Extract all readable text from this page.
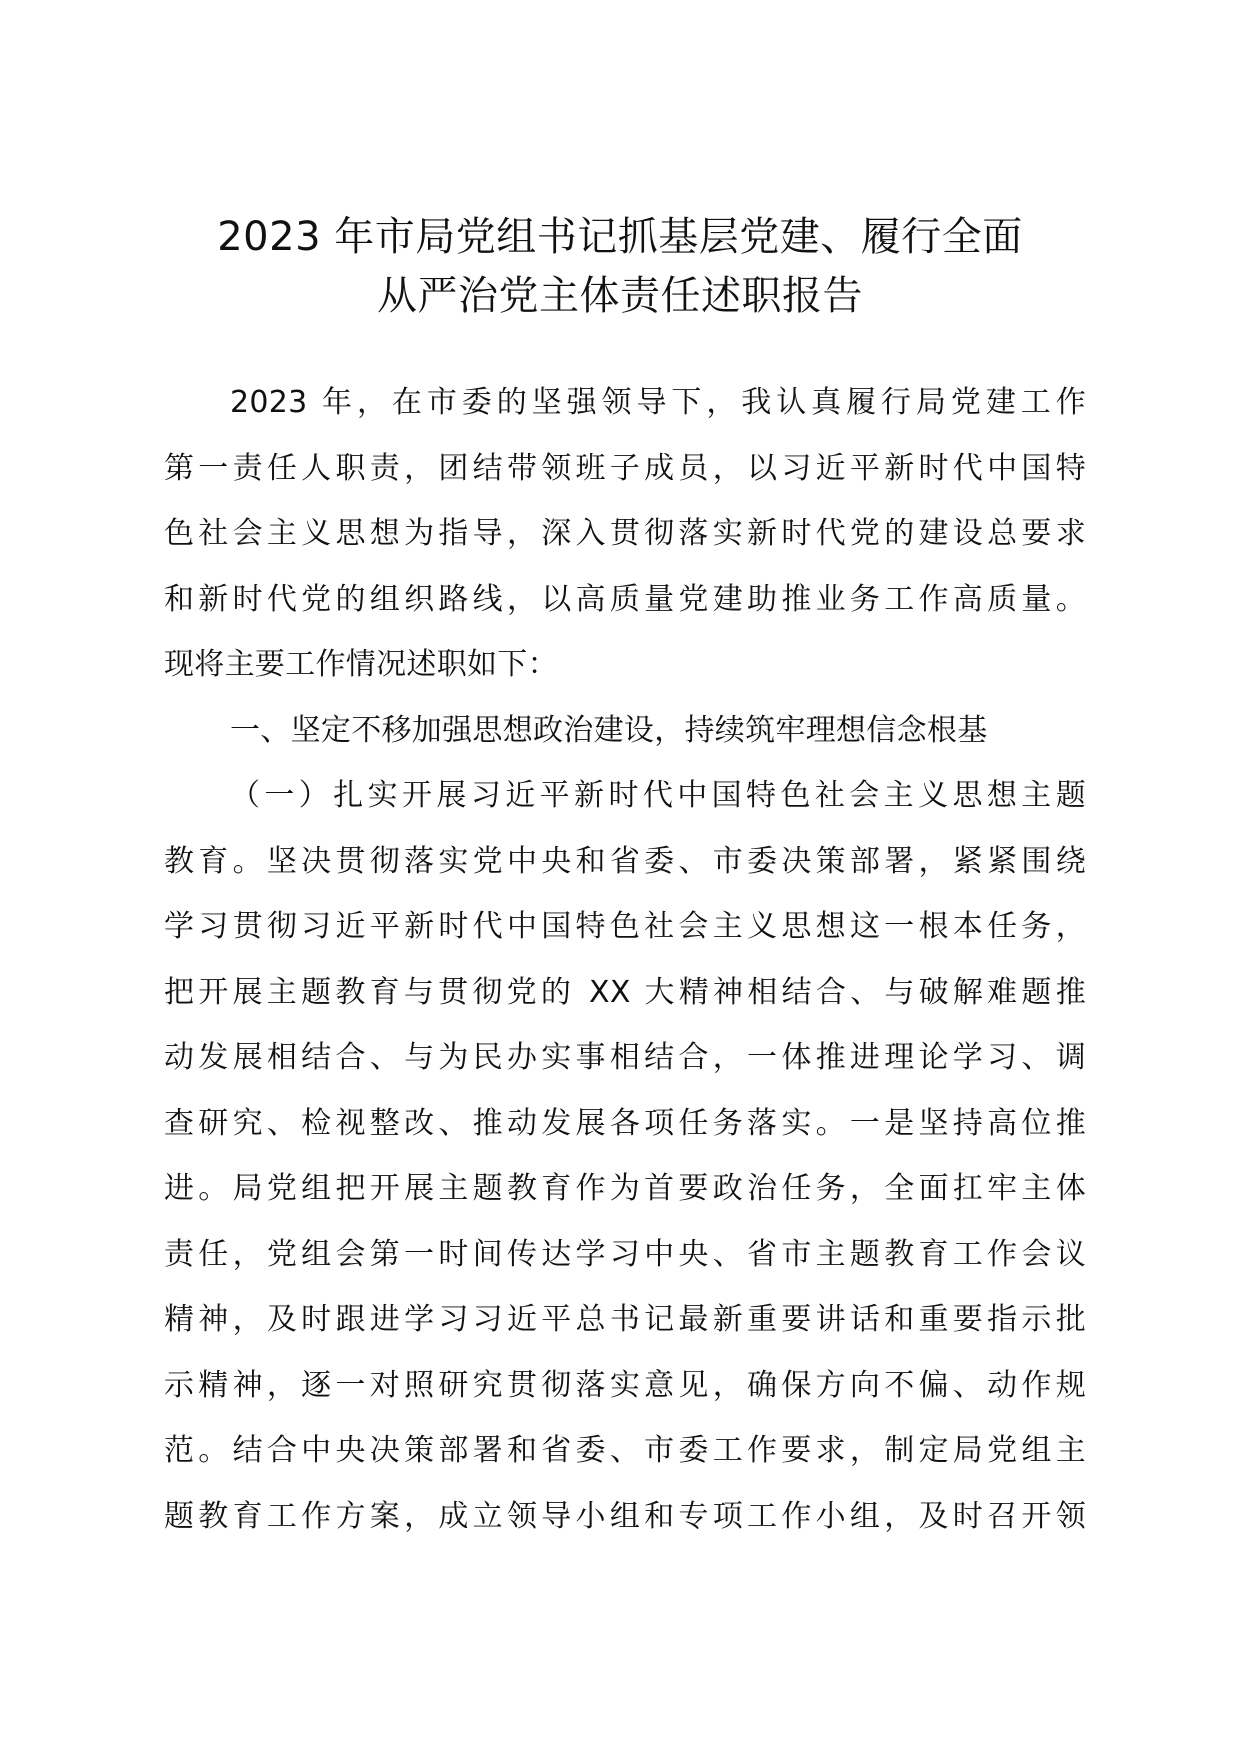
2023 年市局党组书记抓基层党建、履行全面
从严治党主体责任述职报告
2023 年，在市委的坚强领导下，我认真履行局党建工作
第一责任人职责，团结带领班子成员，以习近平新时代中国特
色社会主义思想为指导，深入贯彻落实新时代党的建设总要求
和新时代党的组织路线，以高质量党建助推业务工作高质量。
现将主要工作情况述职如下：
一、坚定不移加强思想政治建设，持续筑牢理想信念根基
（一）扎实开展习近平新时代中国特色社会主义思想主题
教育。坚决贯彻落实党中央和省委、市委决策部署，紧紧围绕
学习贯彻习近平新时代中国特色社会主义思想这一根本任务，
把开展主题教育与贯彻党的 XX 大精神相结合、与破解难题推
动发展相结合、与为民办实事相结合，一体推进理论学习、调
查研究、检视整改、推动发展各项任务落实。一是坚持高位推
进。局党组把开展主题教育作为首要政治任务，全面扛牢主体
责任，党组会第一时间传达学习中央、省市主题教育工作会议
精神，及时跟进学习习近平总书记最新重要讲话和重要指示批
示精神，逐一对照研究贯彻落实意见，确保方向不偏、动作规
范。结合中央决策部署和省委、市委工作要求，制定局党组主
题教育工作方案，成立领导小组和专项工作小组，及时召开领
